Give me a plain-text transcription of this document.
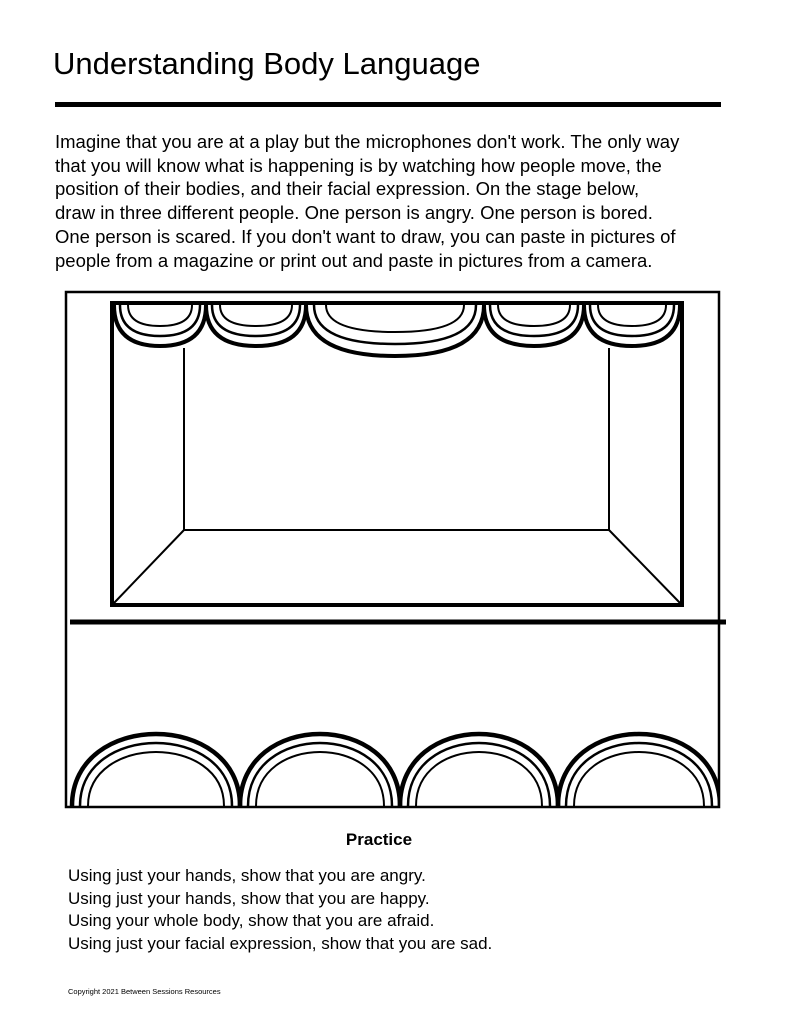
Understanding Body Language
Imagine that you are at a play but the microphones don't work. The only way
that you will know what is happening is by watching how people move, the
position of their bodies, and their facial expression. On the stage below,
draw in three different people. One person is angry. One person is bored.
One person is scared. If you don't want to draw, you can paste in pictures of
people from a magazine or print out and paste in pictures from a camera.
Practice
Using just your hands, show that you are angry.
Using just your hands, show that you are happy.
Using your whole body, show that you are afraid.
Using just your facial expression, show that you are sad.
Copyright 2021 Between Sessions Resources
